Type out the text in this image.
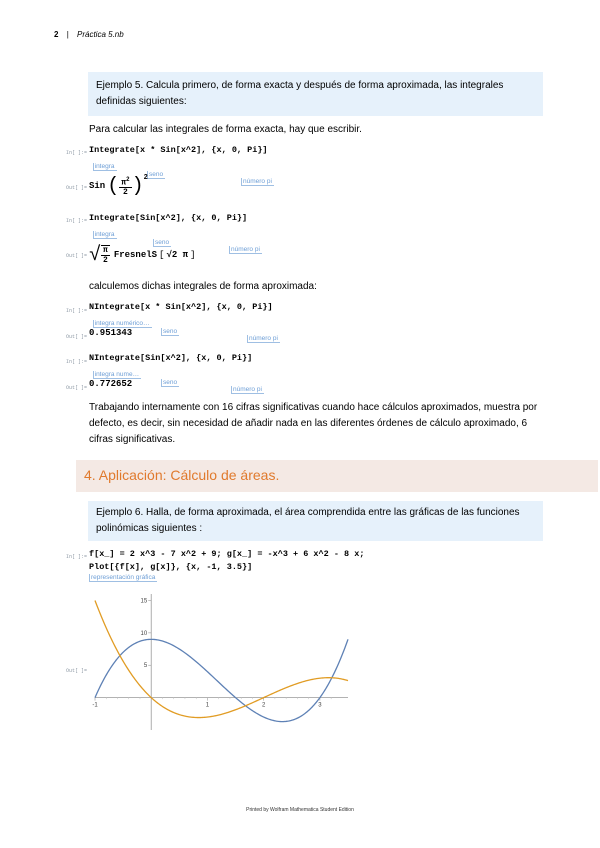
2 | Práctica 5.nb
Ejemplo 5. Calcula primero, de forma exacta y después de forma aproximada, las integrales definidas siguientes:
Para calcular las integrales de forma exacta, hay que escribir.
In[ ]:= Integrate[x * Sin[x^2], {x, 0, Pi}]

integra

seno

número pi

Out[ ]= Sin ( $\frac{\pi^2}{2} )^2$
In[ ]:= Integrate[Sin[x^2], {x, 0, Pi}]

integra

seno

número pi

Out[ ]= √ $\frac{\pi}{2}$ FresnelS [ √2 π ]
calculemos dichas integrales de forma aproximada:
In[ ]:= NIntegrate[x * Sin[x^2], {x, 0, Pi}]

integra numérico…

seno

número pi

Out[ ]= 0.951343
In[ ]:= NIntegrate[Sin[x^2], {x, 0, Pi}]

integra nume…

seno

número pi

Out[ ]= 0.772652
Trabajando internamente con 16 cifras significativas cuando hace cálculos aproximados, muestra por defecto, es decir, sin necesidad de añadir nada en las diferentes órdenes de cálculo aproximado, 6 cifras significativas.
4. Aplicación: Cálculo de áreas.
Ejemplo 6. Halla, de forma aproximada, el área comprendida entre las gráficas de las funciones polinómicas siguientes :
In[ ]:= f[x_] = 2 x^3 - 7 x^2 + 9; g[x_] = -x^3 + 6 x^2 - 8 x;
Plot[{f[x], g[x]}, {x, -1, 3.5}]
representación gráfica
Out[ ]=
-1	1	2	3
5
10
15
Printed by Wolfram Mathematica Student Edition
